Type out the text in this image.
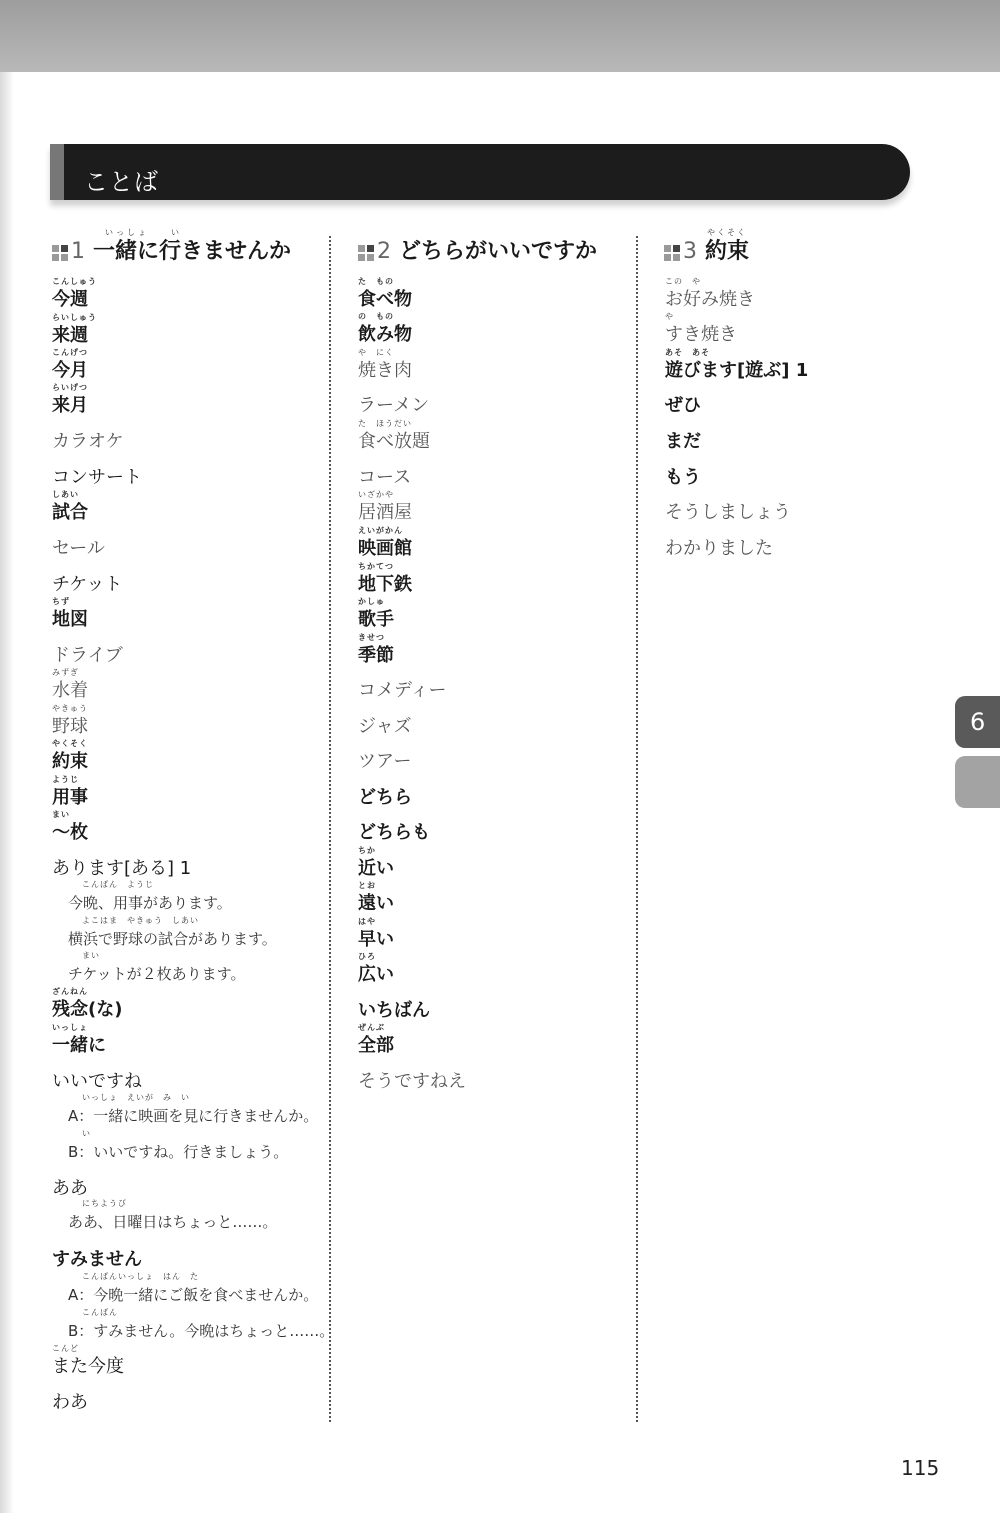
ことば
1
いっしょ　　い
一緒に行きませんか	2 どちらがいいですか	3
やくそく
約束
こんしゅう
今週
らいしゅう
来週
こんげつ
今月
らいげつ
来月
カラオケ
コンサート
しあい
試合
セール
チケット
ちず
地図
ドライブ
みずぎ
水着
やきゅう
野球
やくそく
約束
ようじ
用事
まい
～枚
あります[ある] 1
こんばん　ようじ
今晩、用事があります。
よこはま　やきゅう　しあい
横浜で野球の試合があります。
まい
チケットが２枚あります。
ざんねん
残念(な)
いっしょ
一緒に
いいですね
いっしょ　えいが　み　い
A：一緒に映画を見に行きませんか。
い
B：いいですね。行きましょう。
ああ
にちようび
ああ、日曜日はちょっと……。
すみません
こんばんいっしょ　はん　た
A：今晩一緒にご飯を食べませんか。
こんばん
B：すみません。今晩はちょっと……。
こんど
また今度
わあ
た　もの
食べ物
の　もの
飲み物
や　にく
焼き肉
ラーメン
た　ほうだい
食べ放題
コース
いざかや
居酒屋
えいがかん
映画館
ちかてつ
地下鉄
かしゅ
歌手
きせつ
季節
コメディー
ジャズ
ツアー
どちら
どちらも
ちか
近い
とお
遠い
はや
早い
ひろ
広い
いちばん
ぜんぶ
全部
そうですねえ
この　や
お好み焼き
や
すき焼き
あそ　あそ
遊びます[遊ぶ] 1
ぜひ
まだ
もう
そうしましょう
わかりました
6
115
